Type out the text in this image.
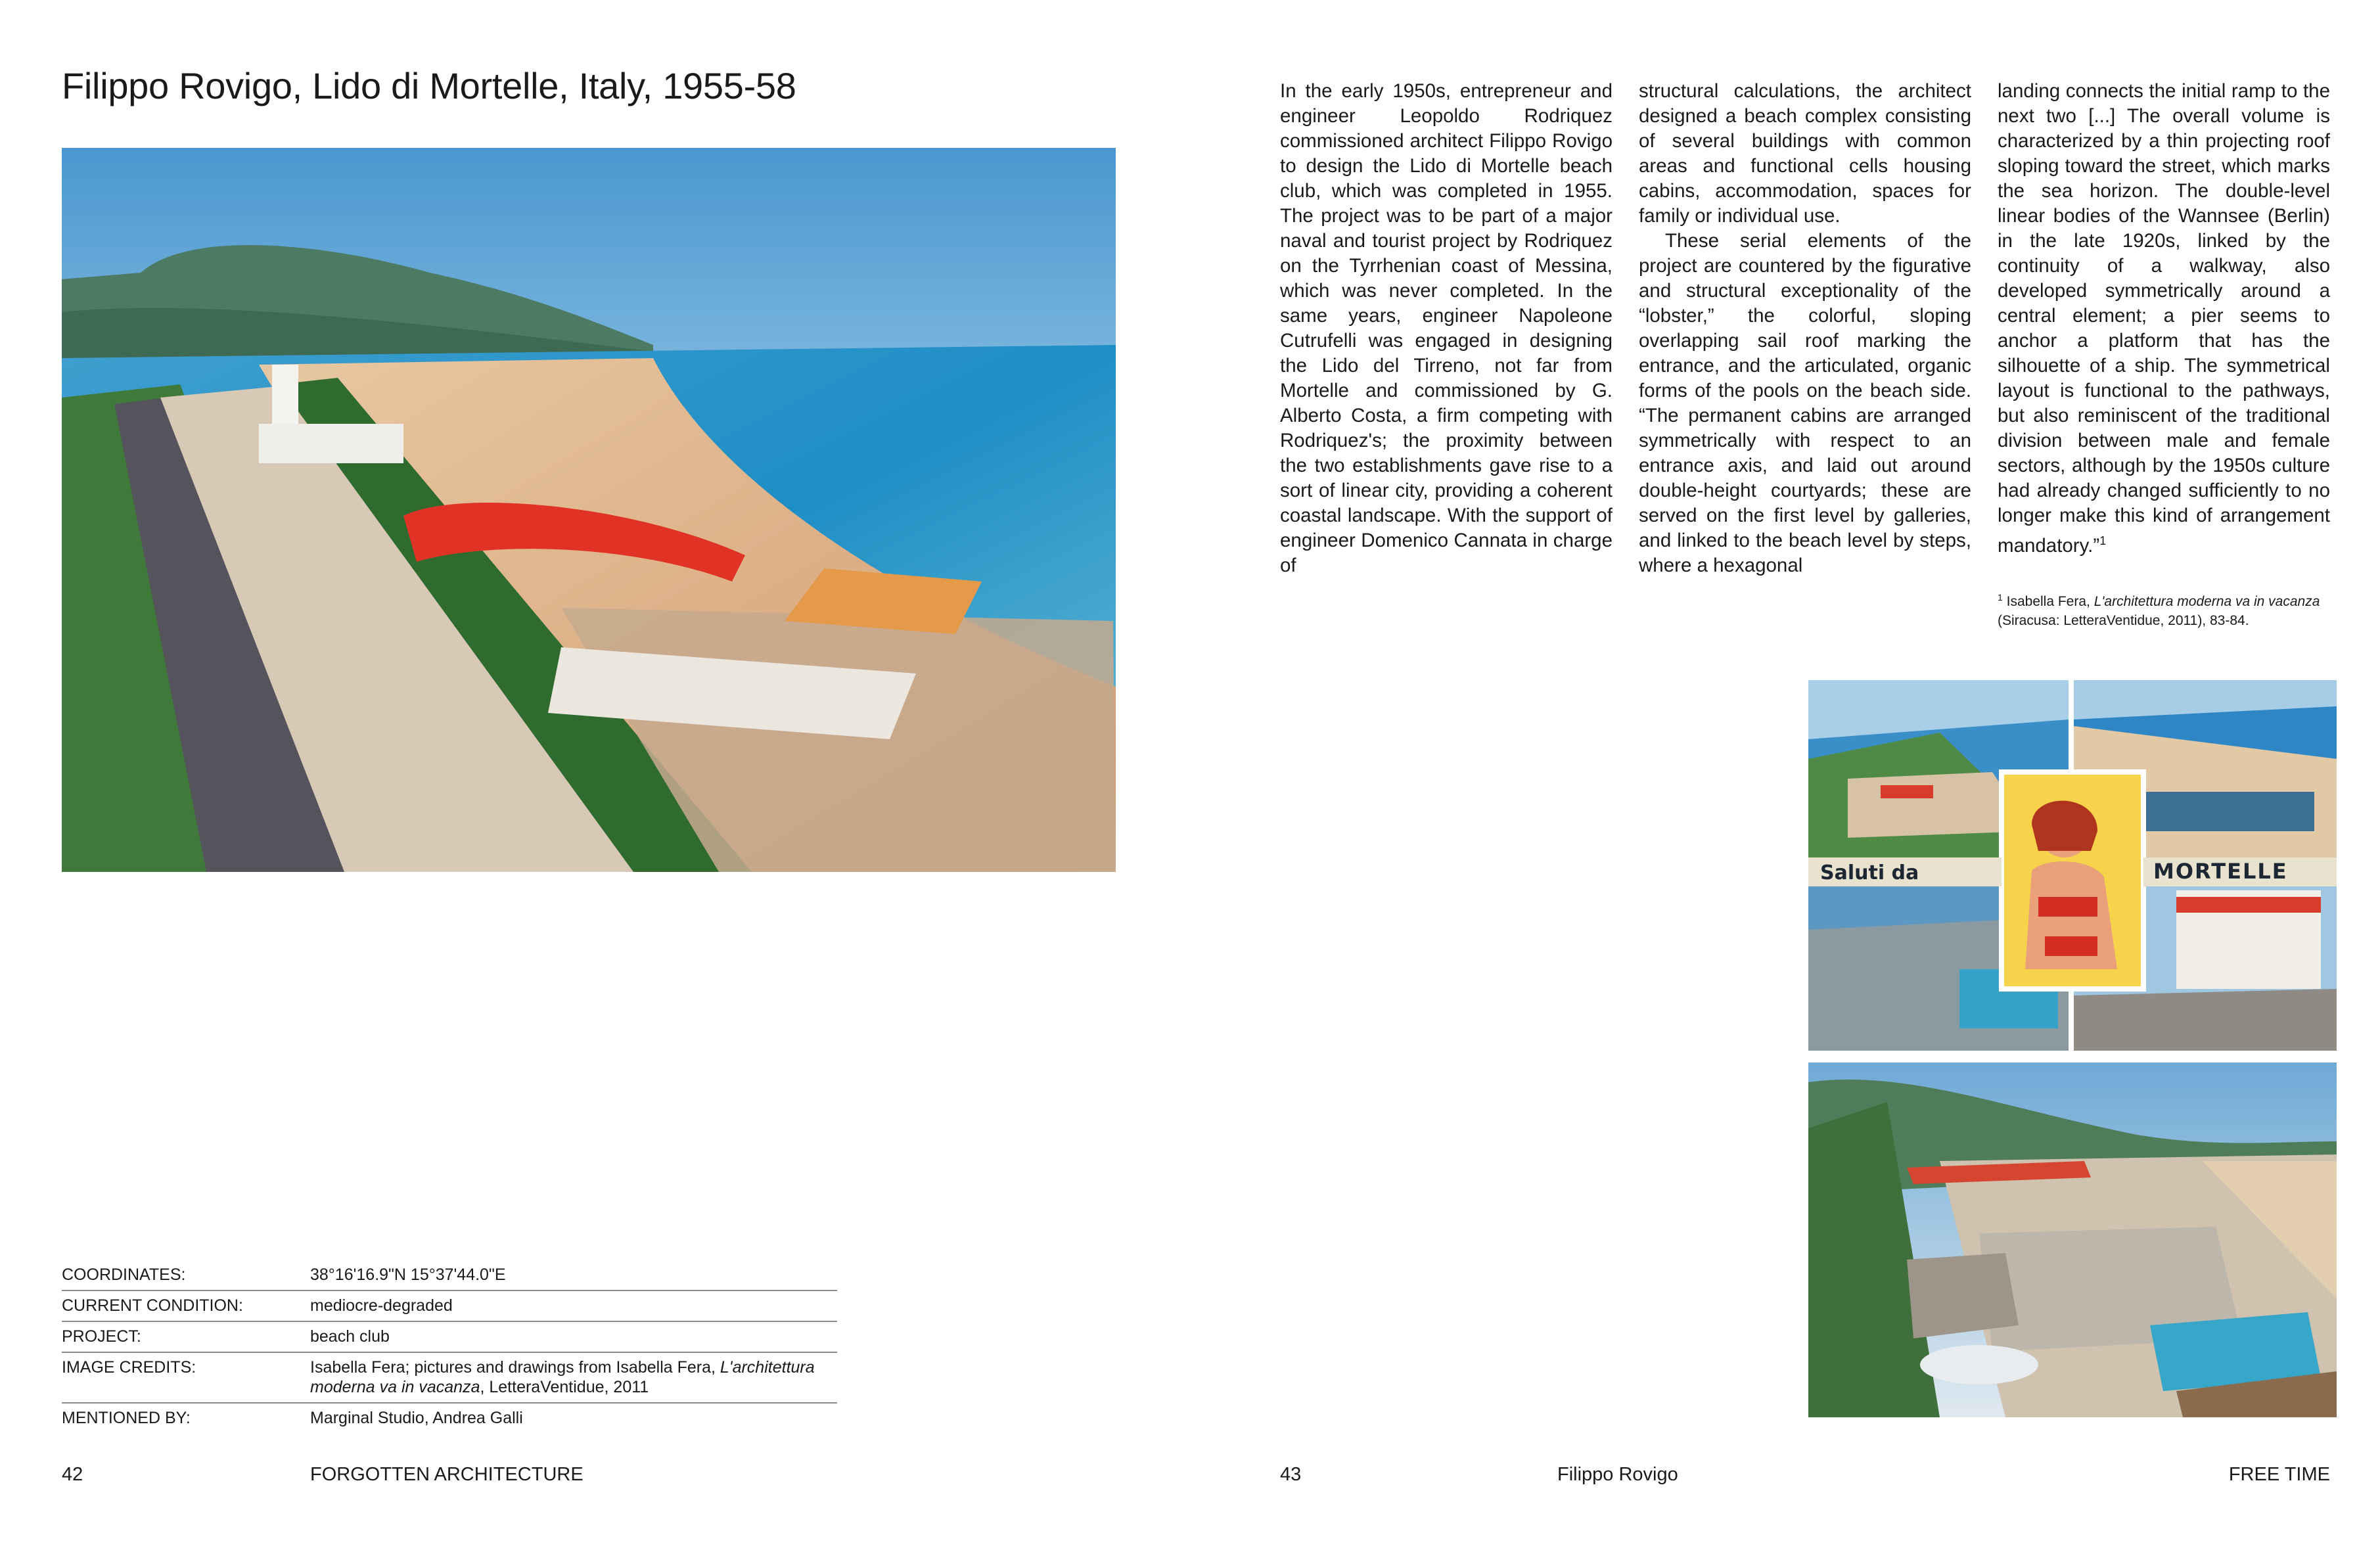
Filippo Rovigo, Lido di Mortelle, Italy, 1955-58
COORDINATES:	38°16'16.9"N 15°37'44.0"E
CURRENT CONDITION:	mediocre-degraded
PROJECT:	beach club
IMAGE CREDITS:	Isabella Fera; pictures and drawings from Isabella Fera, L'architettura moderna va in vacanza, LetteraVentidue, 2011
MENTIONED BY:	Marginal Studio, Andrea Galli
42	FORGOTTEN ARCHITECTURE

In the early 1950s, entrepreneur and engineer Leopoldo Rodriquez commissioned architect Filippo Rovigo to design the Lido di Mortelle beach club, which was completed in 1955. The project was to be part of a major naval and tourist project by Rodriquez on the Tyrrhenian coast of Messina, which was never completed. In the same years, engineer Napoleone Cutrufelli was engaged in designing the Lido del Tirreno, not far from Mortelle and commissioned by G. Alberto Costa, a firm competing with Rodriquez's; the proximity between the two establishments gave rise to a sort of linear city, providing a coherent coastal landscape. With the support of engineer Domenico Cannata in charge of

structural calculations, the architect designed a beach complex consisting of several buildings with common areas and functional cells housing cabins, accommodation, spaces for family or individual use.

These serial elements of the project are countered by the figurative and structural exceptionality of the “lobster,” the colorful, sloping overlapping sail roof marking the entrance, and the articulated, organic forms of the pools on the beach side. “The permanent cabins are arranged symmetrically with respect to an entrance axis, and laid out around double-height courtyards; these are served on the first level by galleries, and linked to the beach level by steps, where a hexagonal

landing connects the initial ramp to the next two [...] The overall volume is characterized by a thin projecting roof sloping toward the street, which marks the sea horizon. The double-level linear bodies of the Wannsee (Berlin) in the late 1920s, linked by the continuity of a walkway, also developed symmetrically around a central element; a pier seems to anchor a platform that has the silhouette of a ship. The symmetrical layout is functional to the pathways, but also reminiscent of the traditional division between male and female sectors, although by the 1950s culture had already changed sufficiently to no longer make this kind of arrangement mandatory.”$^1$

$^1$ Isabella Fera, L'architettura moderna va in vacanza (Siracusa: LetteraVentidue, 2011), 83-84.
Saluti da	MORTELLE
43	Filippo Rovigo	FREE TIME
